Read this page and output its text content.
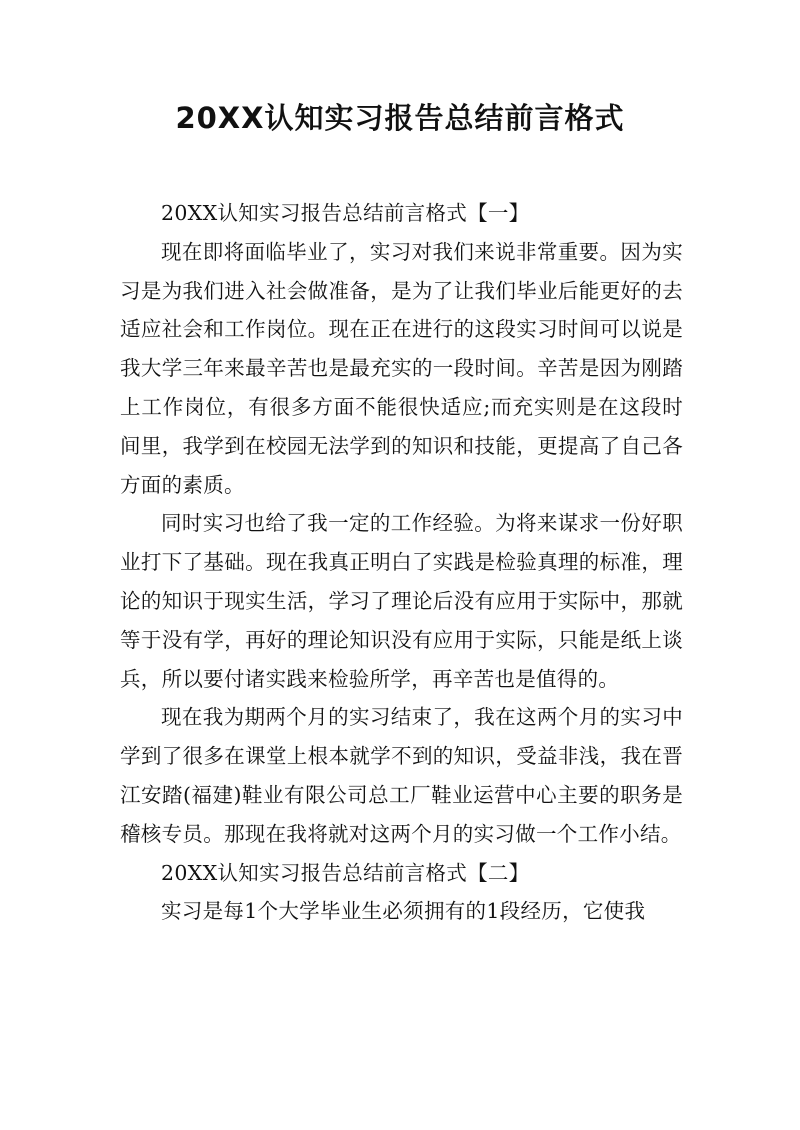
20XX认知实习报告总结前言格式
20XX认知实习报告总结前言格式【一】

现在即将面临毕业了，实习对我们来说非常重要。因为实习是为我们进入社会做准备，是为了让我们毕业后能更好的去适应社会和工作岗位。现在正在进行的这段实习时间可以说是我大学三年来最辛苦也是最充实的一段时间。辛苦是因为刚踏上工作岗位，有很多方面不能很快适应;而充实则是在这段时间里，我学到在校园无法学到的知识和技能，更提高了自己各方面的素质。

同时实习也给了我一定的工作经验。为将来谋求一份好职业打下了基础。现在我真正明白了实践是检验真理的标准，理论的知识于现实生活，学习了理论后没有应用于实际中，那就等于没有学，再好的理论知识没有应用于实际，只能是纸上谈兵，所以要付诸实践来检验所学，再辛苦也是值得的。

现在我为期两个月的实习结束了，我在这两个月的实习中学到了很多在课堂上根本就学不到的知识，受益非浅，我在晋江安踏(福建)鞋业有限公司总工厂鞋业运营中心主要的职务是稽核专员。那现在我将就对这两个月的实习做一个工作小结。

20XX认知实习报告总结前言格式【二】

实习是每1个大学毕业生必须拥有的1段经历，它使我
